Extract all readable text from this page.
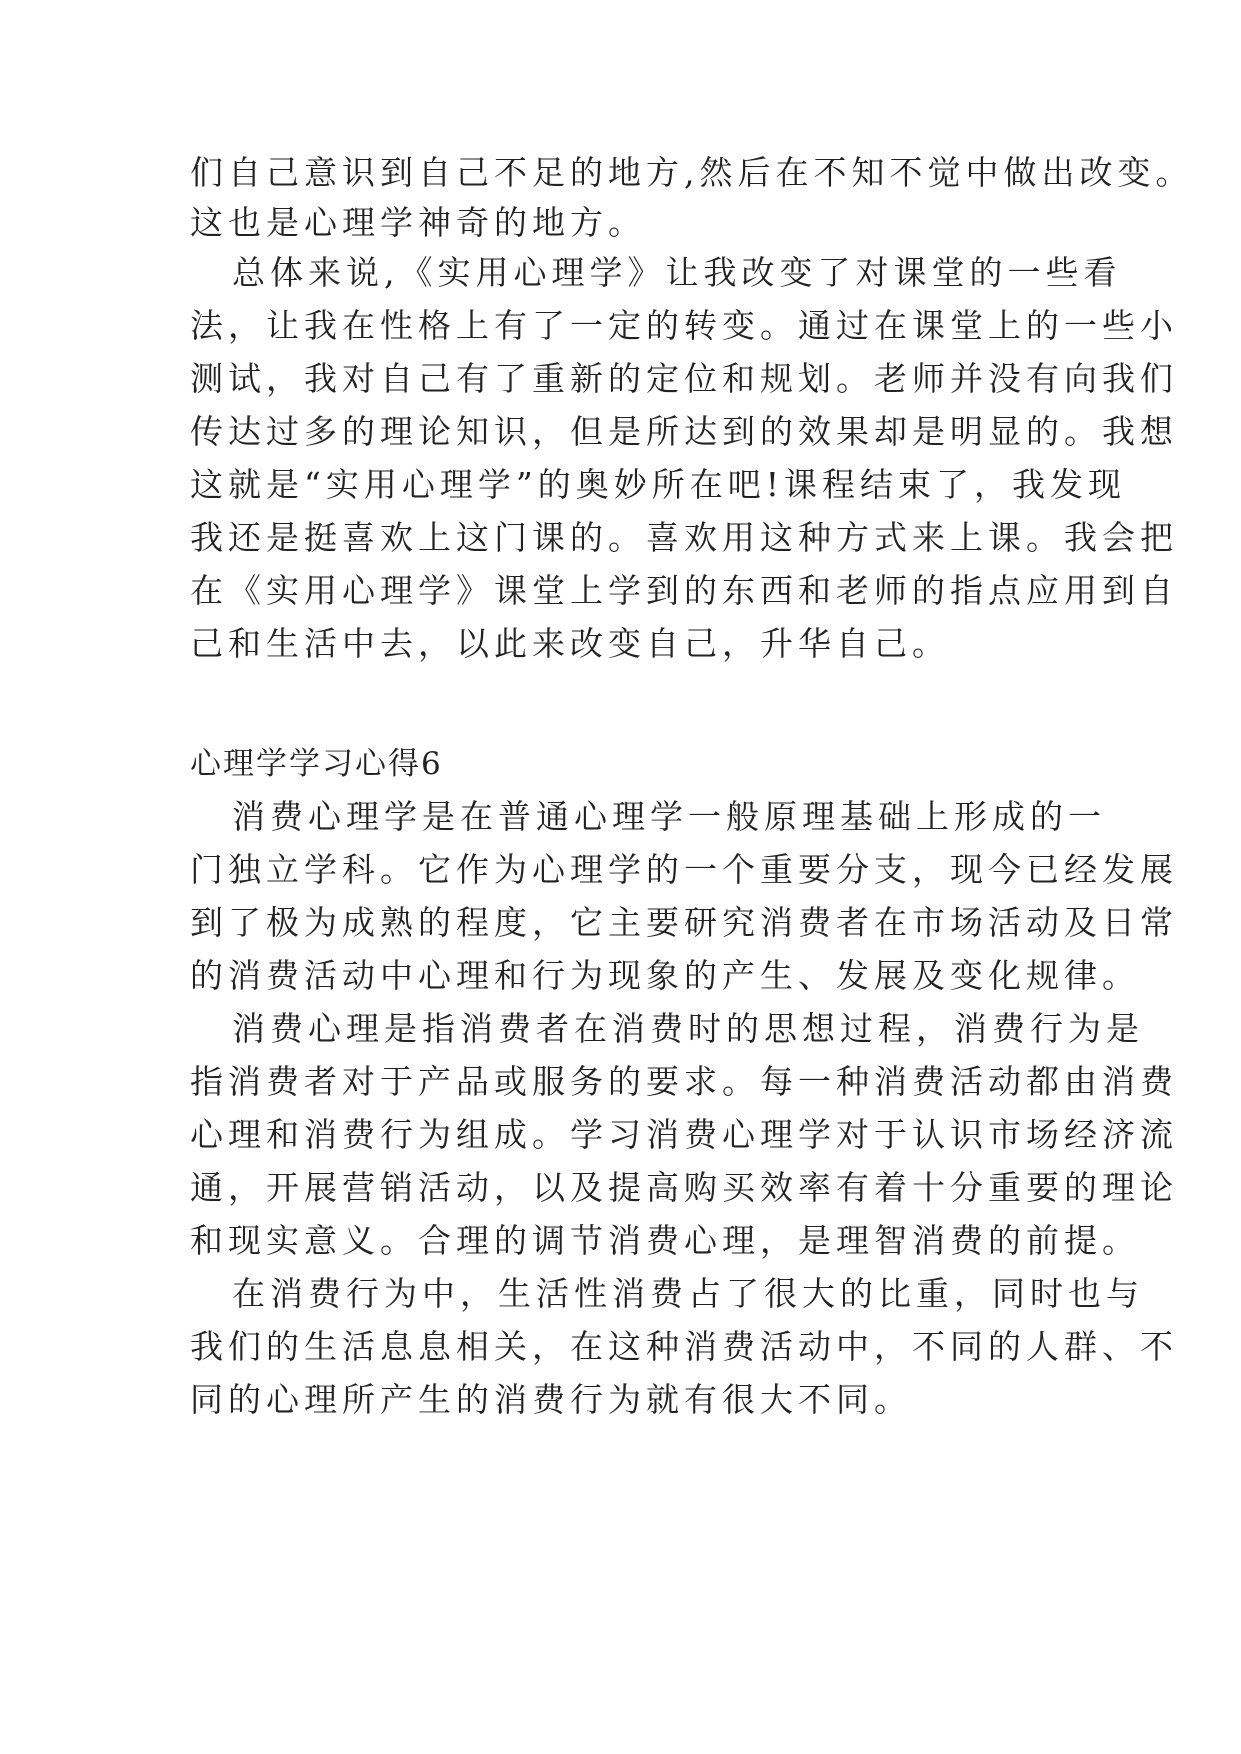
们自己意识到自己不足的地方,然后在不知不觉中做出改变。
这也是心理学神奇的地方。
总体来说,《实用心理学》让我改变了对课堂的一些看
法，让我在性格上有了一定的转变。通过在课堂上的一些小
测试，我对自己有了重新的定位和规划。老师并没有向我们
传达过多的理论知识，但是所达到的效果却是明显的。我想
这就是“实用心理学”的奥妙所在吧!课程结束了，我发现
我还是挺喜欢上这门课的。喜欢用这种方式来上课。我会把
在《实用心理学》课堂上学到的东西和老师的指点应用到自
己和生活中去，以此来改变自己，升华自己。
心理学学习心得6
消费心理学是在普通心理学一般原理基础上形成的一
门独立学科。它作为心理学的一个重要分支，现今已经发展
到了极为成熟的程度，它主要研究消费者在市场活动及日常
的消费活动中心理和行为现象的产生、发展及变化规律。
消费心理是指消费者在消费时的思想过程，消费行为是
指消费者对于产品或服务的要求。每一种消费活动都由消费
心理和消费行为组成。学习消费心理学对于认识市场经济流
通，开展营销活动，以及提高购买效率有着十分重要的理论
和现实意义。合理的调节消费心理，是理智消费的前提。
在消费行为中，生活性消费占了很大的比重，同时也与
我们的生活息息相关，在这种消费活动中，不同的人群、不
同的心理所产生的消费行为就有很大不同。
